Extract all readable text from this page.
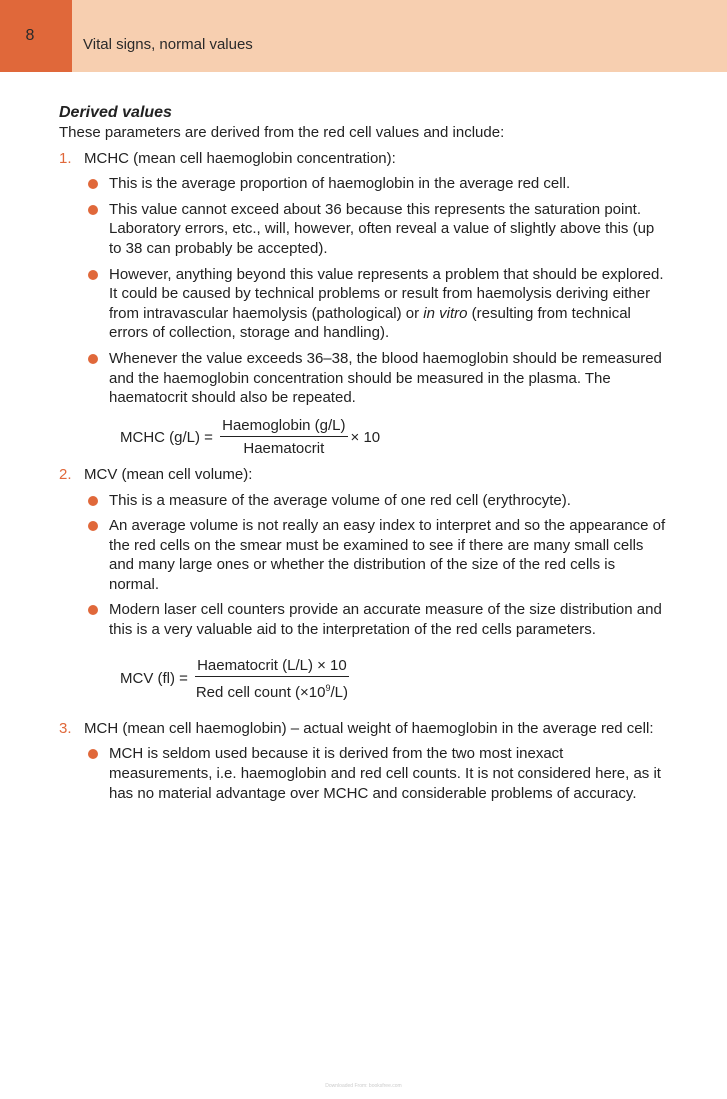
8
Vital signs, normal values
Derived values
These parameters are derived from the red cell values and include:
1. MCHC (mean cell haemoglobin concentration):
This is the average proportion of haemoglobin in the average red cell.
This value cannot exceed about 36 because this represents the saturation point. Laboratory errors, etc., will, however, often reveal a value of slightly above this (up to 38 can probably be accepted).
However, anything beyond this value represents a problem that should be explored. It could be caused by technical problems or result from haemolysis deriving either from intravascular haemolysis (pathological) or in vitro (resulting from technical errors of collection, storage and handling).
Whenever the value exceeds 36–38, the blood haemoglobin should be remeasured and the haemoglobin concentration should be measured in the plasma. The haematocrit should also be repeated.
MCHC $(g/L) = \frac{\text{Haemoglobin (g/L)}}{\text{Haematocrit}} \times 10$
2. MCV (mean cell volume):
This is a measure of the average volume of one red cell (erythrocyte).
An average volume is not really an easy index to interpret and so the appearance of the red cells on the smear must be examined to see if there are many small cells and many large ones or whether the distribution of the size of the red cells is normal.
Modern laser cell counters provide an accurate measure of the size distribution and this is a very valuable aid to the interpretation of the red cells parameters.
MCV $(fl) = \frac{\text{Haematocrit (L/L) × 10}}{Red cell count (\times 10^9/L)}$
3. MCH (mean cell haemoglobin) – actual weight of haemoglobin in the average red cell:
MCH is seldom used because it is derived from the two most inexact measurements, i.e. haemoglobin and red cell counts. It is not considered here, as it has no material advantage over MCHC and considerable problems of accuracy.
Downloaded From: booksfree.com
